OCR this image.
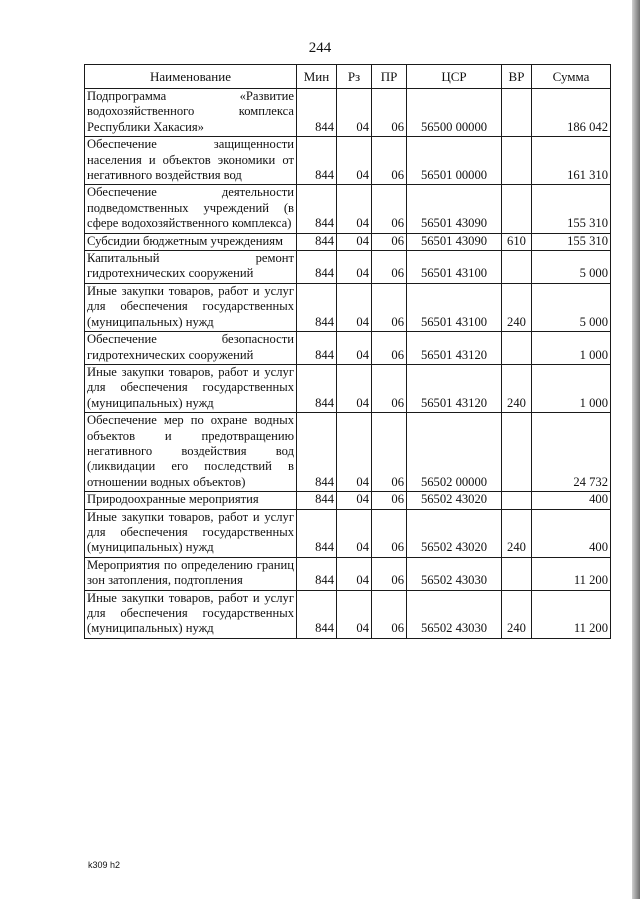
244
Наименование	Мин	Рз	ПР	ЦСР	ВР	Сумма
Подпрограмма «Развитие водохозяйственного комплекса Республики Хакасия»	844	04	06	56500 00000		186 042
Обеспечение защищенности населения и объектов экономики от негативного воздействия вод	844	04	06	56501 00000		161 310
Обеспечение деятельности подведомственных учреждений (в сфере водохозяйственного комплекса)	844	04	06	56501 43090		155 310
Субсидии бюджетным учреждениям	844	04	06	56501 43090	610	155 310
Капитальный ремонт гидротехнических сооружений	844	04	06	56501 43100		5 000
Иные закупки товаров, работ и услуг для обеспечения государственных (муниципальных) нужд	844	04	06	56501 43100	240	5 000
Обеспечение безопасности гидротехнических сооружений	844	04	06	56501 43120		1 000
Иные закупки товаров, работ и услуг для обеспечения государственных (муниципальных) нужд	844	04	06	56501 43120	240	1 000
Обеспечение мер по охране водных объектов и предотвращению негативного воздействия вод (ликвидации его последствий в отношении водных объектов)	844	04	06	56502 00000		24 732
Природоохранные мероприятия	844	04	06	56502 43020		400
Иные закупки товаров, работ и услуг для обеспечения государственных (муниципальных) нужд	844	04	06	56502 43020	240	400
Мероприятия по определению границ зон затопления, подтопления	844	04	06	56502 43030		11 200
Иные закупки товаров, работ и услуг для обеспечения государственных (муниципальных) нужд	844	04	06	56502 43030	240	11 200
k309 h2
